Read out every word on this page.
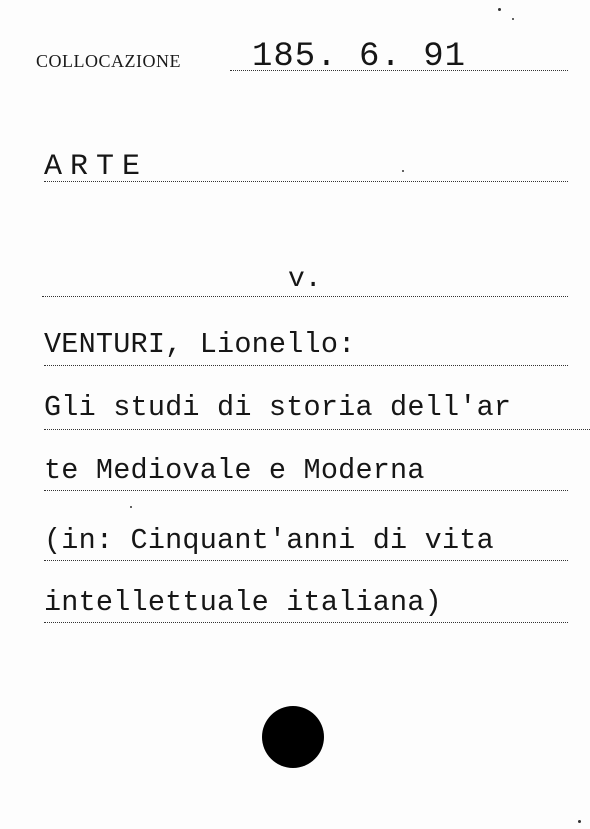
COLLOCAZIONE 185. 6. 91
ARTE
v.
VENTURI, Lionello:
Gli studi di storia dell'ar
te Mediovale e Moderna
(in: Cinquant'anni di vita
intellettuale italiana)
